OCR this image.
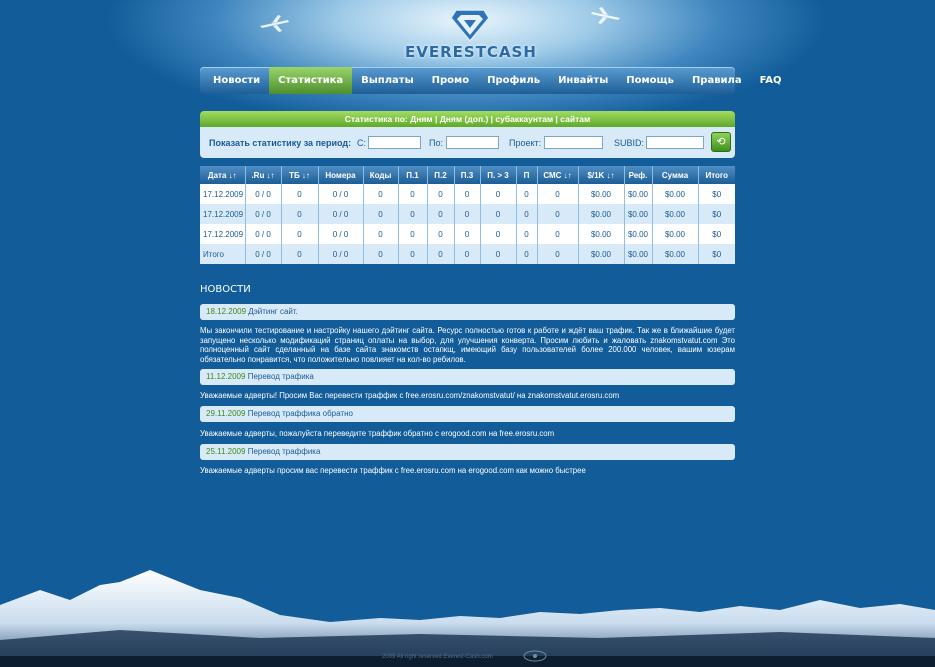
EVERESTCASH
Новости	Статистика	Выплаты	Промо	Профиль	Инвайты	Помощь	Правила	FAQ
Статистика по: Дням | Дням (доп.) | субаккаунтам | сайтам
Показать статистику за период: С:	По:	Проект:	SUBID:	⟲
Дата ↓↑	.Ru ↓↑	ТБ ↓↑	Номера	Коды	П.1	П.2	П.3	П. > 3	П	СМС ↓↑	$/1K ↓↑	Реф.	Сумма	Итого
17.12.2009	0 / 0	0	0 / 0	0	0	0	0	0	0	0	$0.00	$0.00	$0.00	$0
17.12.2009	0 / 0	0	0 / 0	0	0	0	0	0	0	0	$0.00	$0.00	$0.00	$0
17.12.2009	0 / 0	0	0 / 0	0	0	0	0	0	0	0	$0.00	$0.00	$0.00	$0
Итого	0 / 0	0	0 / 0	0	0	0	0	0	0	0	$0.00	$0.00	$0.00	$0
НОВОСТИ
18.12.2009 Дэйтинг сайт.
Мы закончили тестирование и настройку нашего дэйтинг сайта. Ресурс полностью готов к работе и ждёт ваш трафик. Так же в ближайшие будет запущено несколько модификаций страниц оплаты на выбор, для улучшения конверта. Просим любить и жаловать znakomstvatut.com Это полноценный сайт сделанный на базе сайта знакомств остапкщ, имеющий базу пользователей более 200.000 человек, вашим юзерам обязательно понравится, что положительно повлияет на кол-во ребилов.
11.12.2009 Перевод трафика
Уважаемые адверты! Просим Вас перевести траффик с free.erosru.com/znakomstvatut/ на znakomstvatut.erosru.com
29.11.2009 Перевод траффика обратно
Уважаемые адверты, пожалуйста переведите траффик обратно с erogood.com на free.erosru.com
25.11.2009 Перевод траффика
Уважаемые адверты просим вас перевести траффик с free.erosru.com на erogood.com как можно быстрее
2009 All right reserved Everest-Cash.com
